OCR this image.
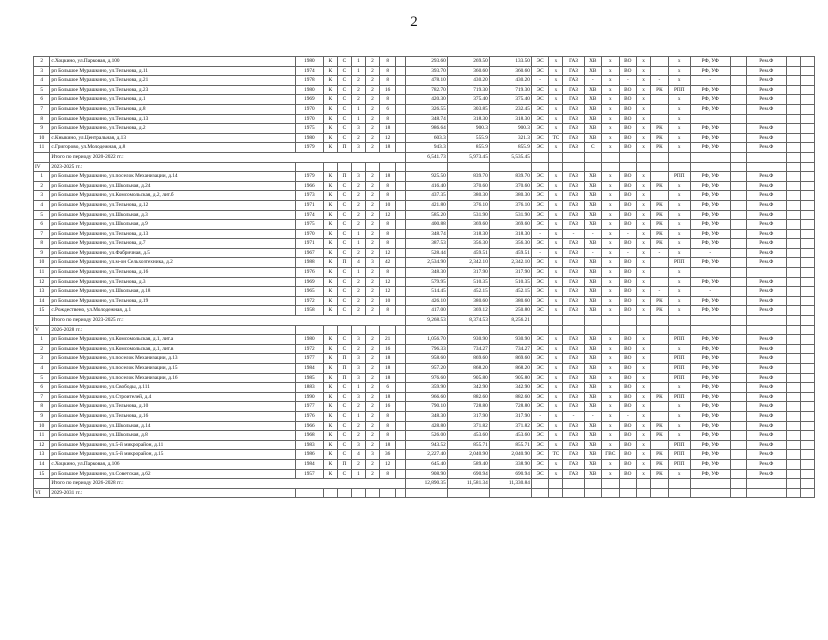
2
2	с.Хоцкино, ул.Парковая, д.100	1980	К	С	1	2	8		293.60	269.50	133.50	ЭС	х	ГАЗ	ХВ	х	ВО	х		х	РФ, УФ		Рем.Ф		
3	рп Большое Мурашкино, ул.Тельнова, д.11	1974	К	С	1	2	8		393.70	360.60	360.60	ЭС	х	ГАЗ	ХВ	х	ВО	х		х	РФ, УФ		Рем.Ф		
4	рп Большое Мурашкино, ул.Тельнова, д.21	1978	К	С	2	2	8		478.10	430.20	430.20	-	х	ГАЗ	-	х	-	х	-	х	-		Рем.Ф		
5	рп Большое Мурашкино, ул.Тельнова, д.23	1980	К	С	2	2	16		782.70	719.30	719.30	ЭС	х	ГАЗ	ХВ	х	ВО	х	РК	РПП	РФ, УФ		Рем.Ф		
6	рп Большое Мурашкино, ул.Тельнова, д.1	1969	К	С	2	2	8		420.30	375.40	375.40	ЭС	х	ГАЗ	ХВ	х	ВО	х		х	РФ, УФ		Рем.Ф		
7	рп Большое Мурашкино, ул.Тельнова, д.8	1970	К	С	1	2	6		326.55	303.85	232.45	ЭС	х	ГАЗ	ХВ	х	ВО	х		х	РФ, УФ		Рем.Ф		
8	рп Большое Мурашкино, ул.Тельнова, д.13	1970	К	С	1	2	8		348.74	318.30	318.30	ЭС	х	ГАЗ	ХВ	х	ВО	х		х					
9	рп Большое Мурашкино, ул.Тельнова, д.2	1975	К	С	3	2	18		986.64	900.3	900.3	ЭС	х	ГАЗ	ХВ	х	ВО	х	РК	х	РФ, УФ		Рем.Ф		
10	с.Кныкино, ул.Центральная, д.13	1980	К	С	2	2	12		603.3	555.9	321.3	ЭС	ТС	ГАЗ	ХВ	х	ВО	х	РК	х	РФ, УФ		Рем.Ф		
11	с.Григорово, ул.Молодежная, д.8	1979	К	П	3	2	18		943.3	855.9	855.9	ЭС	х	ГАЗ	С	х	ВО	х	РК	х	РФ, УФ		Рем.Ф		
	Итого по периоду 2020-2022 гг.:								6,541.73	5,973.45	5,535.45														
IV	2023-2025 гг.:																								
1	рп Большое Мурашкино, ул.поселок Механизации, д.14	1979	К	П	3	2	18		925.50	839.70	839.70	ЭС	х	ГАЗ	ХВ	х	ВО	х		РПП	РФ, УФ		Рем.Ф		
2	рп Большое Мурашкино, ул.Школьная, д.24	1966	К	С	2	2	8		416.40	370.60	370.60	ЭС	х	ГАЗ	ХВ	х	ВО	х	РК	х	РФ, УФ		Рем.Ф		
3	рп Большое Мурашкино, ул.Комсомольская, д.2, лит.б	1973	К	С	2	2	8		437.35	380.30	380.30	ЭС	х	ГАЗ	ХВ	х	ВО	х		х	РФ, УФ		Рем.Ф		
4	рп Большое Мурашкино, ул.Тельнова, д.12	1971	К	С	2	2	10		421.80	376.10	376.10	ЭС	х	ГАЗ	ХВ	х	ВО	х	РК	х	РФ, УФ		Рем.Ф		
5	рп Большое Мурашкино, ул.Школьная, д.3	1974	К	С	2	2	12		585.20	531.90	531.90	ЭС	х	ГАЗ	ХВ	х	ВО	х	РК	х	РФ, УФ		Рем.Ф		
6	рп Большое Мурашкино, ул.Школьная, д.9	1975	К	С	2	2	8		400.88	369.60	369.60	ЭС	х	ГАЗ	ХВ	х	ВО	х	РК	х	РФ, УФ		Рем.Ф		
7	рп Большое Мурашкино, ул.Тельнова, д.13	1970	К	С	1	2	8		348.74	318.30	318.30	-	х	-	-	х	-	х	РК	х	РФ, УФ		Рем.Ф		
8	рп Большое Мурашкино, ул.Тельнова, д.7	1971	К	С	1	2	8		387.53	356.30	356.30	ЭС	х	ГАЗ	ХВ	х	ВО	х	РК	х	РФ, УФ		Рем.Ф		
9	рп Большое Мурашкино, ул.Фабричная, д.5	1967	К	С	2	2	12		528.44	459.51	459.51	-	х	ГАЗ	-	х	-	х	-	х	-		Рем.Ф		
10	рп Большое Мурашкино, ул.м-он Сельхозтехника, д.2	1988	К	П	4	3	42		2,534.90	2,342.10	2,342.10	ЭС	х	ГАЗ	ХВ	х	ВО	х		РПП	РФ, УФ		Рем.Ф		
11	рп Большое Мурашкино, ул.Тельнова, д.16	1976	К	С	1	2	8		348.30	317.90	317.90	ЭС	х	ГАЗ	ХВ	х	ВО	х		х					
12	рп Большое Мурашкино, ул.Тельнова, д.3	1969	К	С	2	2	12		579.95	510.35	510.35	ЭС	х	ГАЗ	ХВ	х	ВО	х		х	РФ, УФ		Рем.Ф		
13	рп Большое Мурашкино, ул.Школьная, д.18	1965	К	С	2	2	12		514.45	452.15	452.15	ЭС	х	ГАЗ	ХВ	х	ВО	х	-	х	-		Рем.Ф		
14	рп Большое Мурашкино, ул.Тельнова, д.19	1972	К	С	2	2	10		426.10	380.60	380.60	ЭС	х	ГАЗ	ХВ	х	ВО	х	РК	х	РФ, УФ		Рем.Ф		
15	с.Рождествено, ул.Молодежная, д.1	1958	К	С	2	2	8		417.00	369.12	250.80	ЭС	х	ГАЗ	ХВ	х	ВО	х	РК	х	РФ, УФ		Рем.Ф		
	Итого по периоду 2023-2025 гг.:								9,268.53	8,374.53	8,256.21														
V	2026-2028 гг.:																								
1	рп Большое Мурашкино, ул.Комсомольская, д.1, лит.а	1980	К	С	3	2	21		1,056.70	930.90	930.90	ЭС	х	ГАЗ	ХВ	х	ВО	х		РПП	РФ, УФ		Рем.Ф		
2	рп Большое Мурашкино, ул.Комсомольская, д.1, лит.в	1972	К	С	2	2	16		796.33	734.27	734.27	ЭС	х	ГАЗ	ХВ	х	ВО	х		х	РФ, УФ		Рем.Ф		
3	рп Большое Мурашкино, ул.поселок Механизации, д.13	1977	К	П	3	2	18		958.60	869.60	869.60	ЭС	х	ГАЗ	ХВ	х	ВО	х		РПП	РФ, УФ		Рем.Ф		
4	рп Большое Мурашкино, ул.поселок Механизации, д.15	1984	К	П	3	2	18		957.20	868.20	868.20	ЭС	х	ГАЗ	ХВ	х	ВО	х		РПП	РФ, УФ		Рем.Ф		
5	рп Большое Мурашкино, ул.поселок Механизации, д.16	1985	К	П	3	2	18		976.60	905.80	905.80	ЭС	х	ГАЗ	ХВ	х	ВО	х		РПП	РФ, УФ		Рем.Ф		
6	рп Большое Мурашкино, ул.Свободы, д.111	1883	К	С	1	2	6		359.90	342.90	342.90	ЭС	х	ГАЗ	ХВ	х	ВО	х		х	РФ, УФ		Рем.Ф		
7	рп Большое Мурашкино, ул.Строителей, д.4	1990	К	С	3	2	18		966.60	882.60	882.60	ЭС	х	ГАЗ	ХВ	х	ВО	х	РК	РПП	РФ, УФ		Рем.Ф		
8	рп Большое Мурашкино, ул.Тельнова, д.10	1977	К	С	2	2	16		790.10	728.80	728.80	ЭС	х	ГАЗ	ХВ	х	ВО	х		х	РФ, УФ		Рем.Ф		
9	рп Большое Мурашкино, ул.Тельнова, д.16	1976	К	С	1	2	8		348.30	317.90	317.90	-	х	-	-	х	-	х		х	РФ, УФ		Рем.Ф		
10	рп Большое Мурашкино, ул.Школьная, д.14	1966	К	С	2	2	8		428.80	371.82	371.82	ЭС	х	ГАЗ	ХВ	х	ВО	х	РК	х	РФ, УФ		Рем.Ф		
11	рп Большое Мурашкино, ул.Школьная, д.8	1968	К	С	2	2	8		526.00	453.60	453.60	ЭС	х	ГАЗ	ХВ	х	ВО	х	РК	х	РФ, УФ		Рем.Ф		
12	рп Большое Мурашкино, ул.5-й микрорайон, д.11	1983	К	С	3	2	18		943.52	855.71	855.71	ЭС	х	ГАЗ	ХВ	х	ВО	х		РПП	РФ, УФ		Рем.Ф		
13	рп Большое Мурашкино, ул.5-й микрорайон, д.15	1986	К	С	4	3	36		2,227.40	2,040.90	2,040.90	ЭС	ТС	ГАЗ	ХВ	ГВС	ВО	х	РК	РПП	РФ, УФ		Рем.Ф		
14	с.Хоцкино, ул.Парковая, д.106	1984	К	П	2	2	12		645.40	589.40	338.90	ЭС	х	ГАЗ	ХВ	х	ВО	х	РК	РПП	РФ, УФ		Рем.Ф		
15	рп Большое Мурашкино, ул.Советская, д.62	1957	К	С	1	2	8		908.90	690.94	690.94	ЭС	х	ГАЗ	ХВ	х	ВО	х	РК	х	РФ, УФ		Рем.Ф		
	Итого по периоду 2026-2028 гг.:								12,890.35	11,581.34	11,330.84														
VI	2029-2031 гг.:																								
